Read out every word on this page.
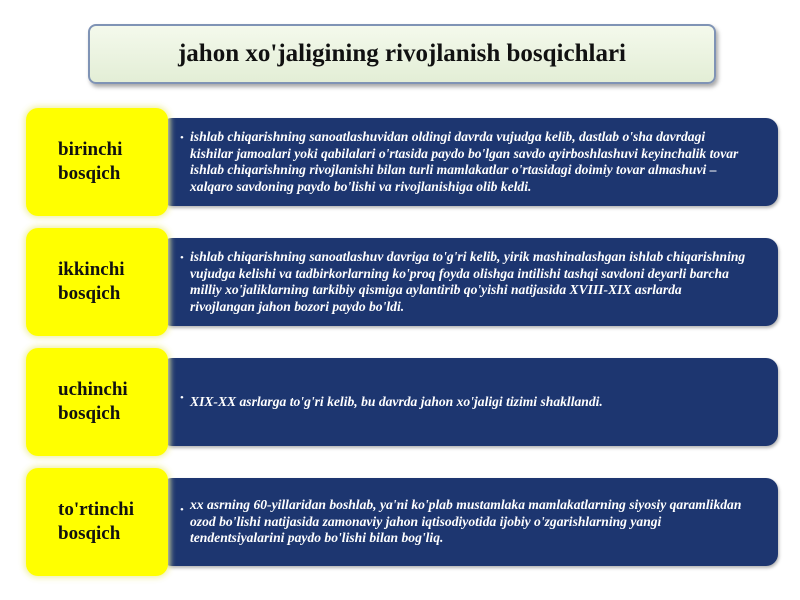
jahon xo'jaligining rivojlanish bosqichlari
• ishlab chiqarishning sanoatlashuvidan oldingi davrda vujudga kelib, dastlab o'sha davrdagi kishilar jamoalari yoki qabilalari o'rtasida paydo bo'lgan savdo ayirboshlashuvi keyinchalik tovar ishlab chiqarishning rivojlanishi bilan turli mamlakatlar o'rtasidagi doimiy tovar almashuvi – xalqaro savdoning paydo bo'lishi va rivojlanishiga olib keldi.
birinchi
bosqich
• ishlab chiqarishning sanoatlashuv davriga to'g'ri kelib, yirik mashinalashgan ishlab chiqarishning vujudga kelishi va tadbirkorlarning ko'proq foyda olishga intilishi tashqi savdoni deyarli barcha milliy xo'jaliklarning tarkibiy qismiga aylantirib qo'yishi natijasida XVIII-XIX asrlarda rivojlangan jahon bozori paydo bo'ldi.
ikkinchi
bosqich
• XIX-XX asrlarga to'g'ri kelib, bu davrda jahon xo'jaligi tizimi shakllandi.
uchinchi
bosqich
• xx asrning 60-yillaridan boshlab, ya'ni ko'plab mustamlaka mamlakatlarning siyosiy qaramlikdan ozod bo'lishi natijasida zamonaviy jahon iqtisodiyotida ijobiy o'zgarishlarning yangi tendentsiyalarini paydo bo'lishi bilan bog'liq.
to'rtinchi
bosqich
